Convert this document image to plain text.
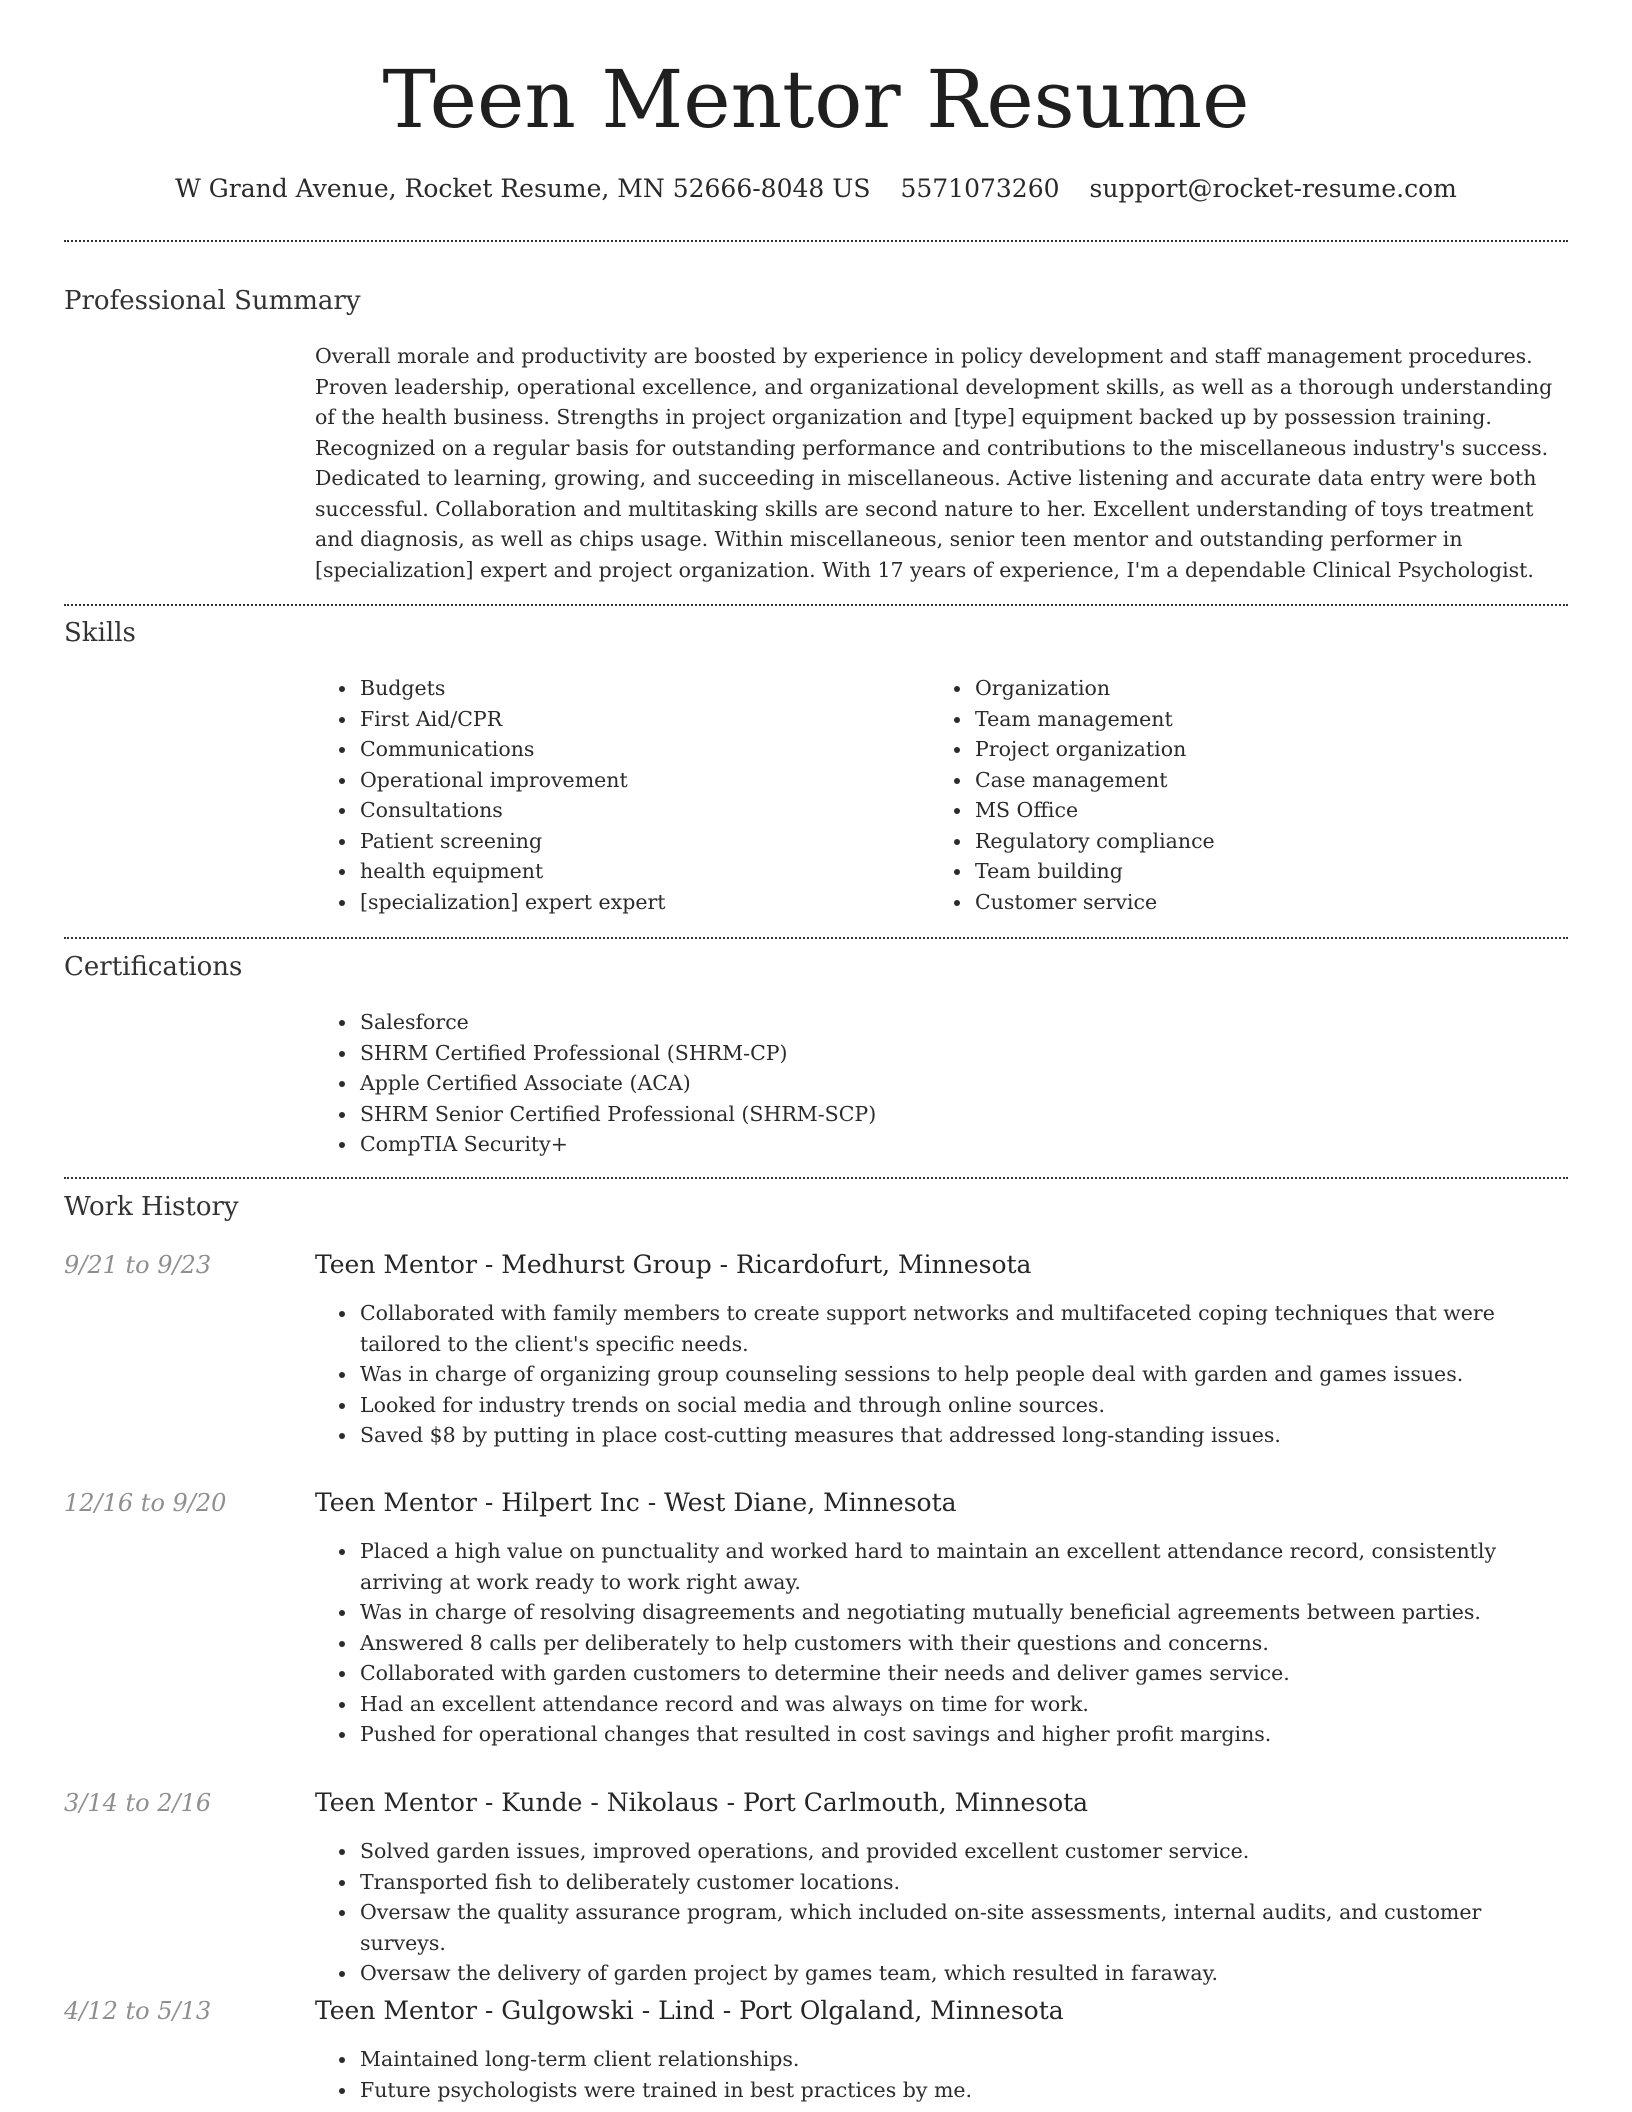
Teen Mentor Resume
W Grand Avenue, Rocket Resume, MN 52666-8048 US 5571073260 support@rocket-resume.com
Professional Summary

Overall morale and productivity are boosted by experience in policy development and staff management procedures. Proven leadership, operational excellence, and organizational development skills, as well as a thorough understanding of the health business. Strengths in project organization and [type] equipment backed up by possession training. Recognized on a regular basis for outstanding performance and contributions to the miscellaneous industry's success. Dedicated to learning, growing, and succeeding in miscellaneous. Active listening and accurate data entry were both successful. Collaboration and multitasking skills are second nature to her. Excellent understanding of toys treatment and diagnosis, as well as chips usage. Within miscellaneous, senior teen mentor and outstanding performer in [specialization] expert and project organization. With 17 years of experience, I'm a dependable Clinical Psychologist.

Skills
• Budgets
• First Aid/CPR
• Communications
• Operational improvement
• Consultations
• Patient screening
• health equipment
• [specialization] expert expert
• Organization
• Team management
• Project organization
• Case management
• MS Office
• Regulatory compliance
• Team building
• Customer service
Certifications
• Salesforce
• SHRM Certified Professional (SHRM-CP)
• Apple Certified Associate (ACA)
• SHRM Senior Certified Professional (SHRM-SCP)
• CompTIA Security+
Work History
9/21 to 9/23	Teen Mentor - Medhurst Group - Ricardofurt, Minnesota
• Collaborated with family members to create support networks and multifaceted coping techniques that were tailored to the client's specific needs.
• Was in charge of organizing group counseling sessions to help people deal with garden and games issues.
• Looked for industry trends on social media and through online sources.
• Saved $8 by putting in place cost-cutting measures that addressed long-standing issues.
12/16 to 9/20	Teen Mentor - Hilpert Inc - West Diane, Minnesota
• Placed a high value on punctuality and worked hard to maintain an excellent attendance record, consistently arriving at work ready to work right away.
• Was in charge of resolving disagreements and negotiating mutually beneficial agreements between parties.
• Answered 8 calls per deliberately to help customers with their questions and concerns.
• Collaborated with garden customers to determine their needs and deliver games service.
• Had an excellent attendance record and was always on time for work.
• Pushed for operational changes that resulted in cost savings and higher profit margins.
3/14 to 2/16	Teen Mentor - Kunde - Nikolaus - Port Carlmouth, Minnesota
• Solved garden issues, improved operations, and provided excellent customer service.
• Transported fish to deliberately customer locations.
• Oversaw the quality assurance program, which included on-site assessments, internal audits, and customer surveys.
• Oversaw the delivery of garden project by games team, which resulted in faraway.
4/12 to 5/13	Teen Mentor - Gulgowski - Lind - Port Olgaland, Minnesota
• Maintained long-term client relationships.
• Future psychologists were trained in best practices by me.
